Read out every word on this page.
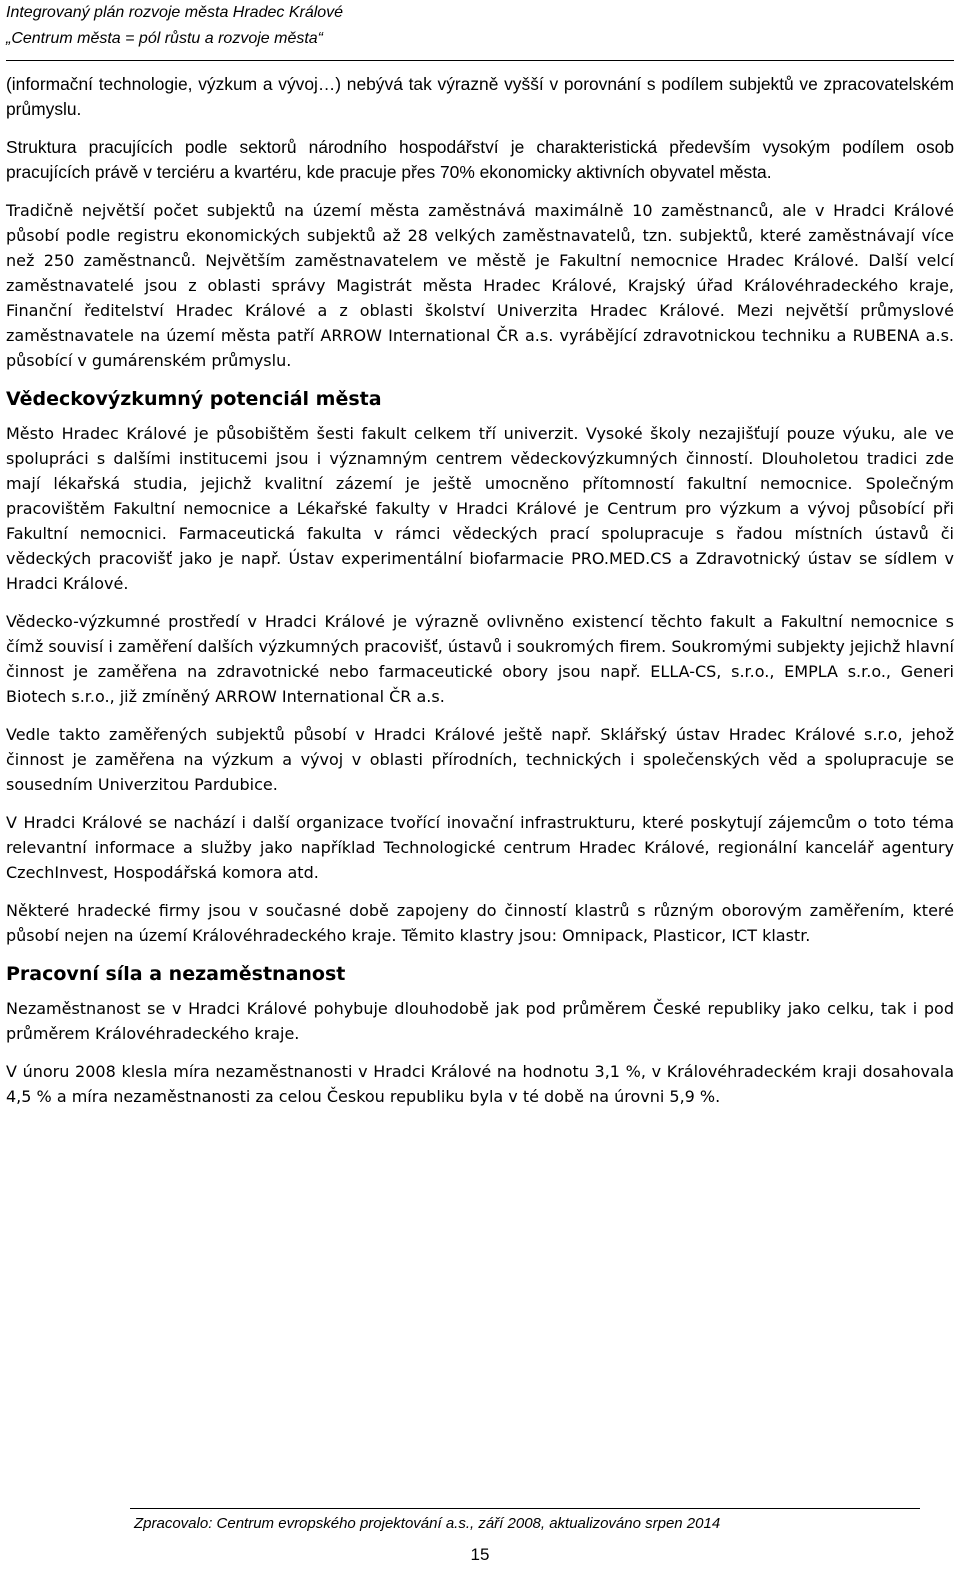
Integrovaný plán rozvoje města Hradec Králové
„Centrum města = pól růstu a rozvoje města“

(informační technologie, výzkum a vývoj…) nebývá tak výrazně vyšší v porovnání s podílem subjektů ve zpracovatelském průmyslu.

Struktura pracujících podle sektorů národního hospodářství je charakteristická především vysokým podílem osob pracujících právě v terciéru a kvartéru, kde pracuje přes 70% ekonomicky aktivních obyvatel města.

Tradičně největší počet subjektů na území města zaměstnává maximálně 10 zaměstnanců, ale v Hradci Králové působí podle registru ekonomických subjektů až 28 velkých zaměstnavatelů, tzn. subjektů, které zaměstnávají více než 250 zaměstnanců. Největším zaměstnavatelem ve městě je Fakultní nemocnice Hradec Králové. Další velcí zaměstnavatelé jsou z oblasti správy Magistrát města Hradec Králové, Krajský úřad Královéhradeckého kraje, Finanční ředitelství Hradec Králové a z oblasti školství Univerzita Hradec Králové. Mezi největší průmyslové zaměstnavatele na území města patří ARROW International ČR a.s. vyrábějící zdravotnickou techniku a RUBENA a.s. působící v gumárenském průmyslu.

Vědeckovýzkumný potenciál města

Město Hradec Králové je působištěm šesti fakult celkem tří univerzit. Vysoké školy nezajišťují pouze výuku, ale ve spolupráci s dalšími institucemi jsou i významným centrem vědeckovýzkumných činností. Dlouholetou tradici zde mají lékařská studia, jejichž kvalitní zázemí je ještě umocněno přítomností fakultní nemocnice. Společným pracovištěm Fakultní nemocnice a Lékařské fakulty v Hradci Králové je Centrum pro výzkum a vývoj působící při Fakultní nemocnici. Farmaceutická fakulta v rámci vědeckých prací spolupracuje s řadou místních ústavů či vědeckých pracovišť jako je např. Ústav experimentální biofarmacie PRO.MED.CS a Zdravotnický ústav se sídlem v Hradci Králové.

Vědecko-výzkumné prostředí v Hradci Králové je výrazně ovlivněno existencí těchto fakult a Fakultní nemocnice s čímž souvisí i zaměření dalších výzkumných pracovišť, ústavů i soukromých firem. Soukromými subjekty jejichž hlavní činnost je zaměřena na zdravotnické nebo farmaceutické obory jsou např. ELLA-CS, s.r.o., EMPLA s.r.o., Generi Biotech s.r.o., již zmíněný ARROW International ČR a.s.

Vedle takto zaměřených subjektů působí v Hradci Králové ještě např. Sklářský ústav Hradec Králové s.r.o, jehož činnost je zaměřena na výzkum a vývoj v oblasti přírodních, technických i společenských věd a spolupracuje se sousedním Univerzitou Pardubice.

V Hradci Králové se nachází i další organizace tvořící inovační infrastrukturu, které poskytují zájemcům o toto téma relevantní informace a služby jako například Technologické centrum Hradec Králové, regionální kancelář agentury CzechInvest, Hospodářská komora atd.

Některé hradecké firmy jsou v současné době zapojeny do činností klastrů s různým oborovým zaměřením, které působí nejen na území Královéhradeckého kraje. Těmito klastry jsou: Omnipack, Plasticor, ICT klastr.

Pracovní síla a nezaměstnanost

Nezaměstnanost se v Hradci Králové pohybuje dlouhodobě jak pod průměrem České republiky jako celku, tak i pod průměrem Královéhradeckého kraje.

V únoru 2008 klesla míra nezaměstnanosti v Hradci Králové na hodnotu 3,1 %, v Královéhradeckém kraji dosahovala 4,5 % a míra nezaměstnanosti za celou Českou republiku byla v té době na úrovni 5,9 %.

Zpracovalo: Centrum evropského projektování a.s., září 2008, aktualizováno srpen 2014
15
